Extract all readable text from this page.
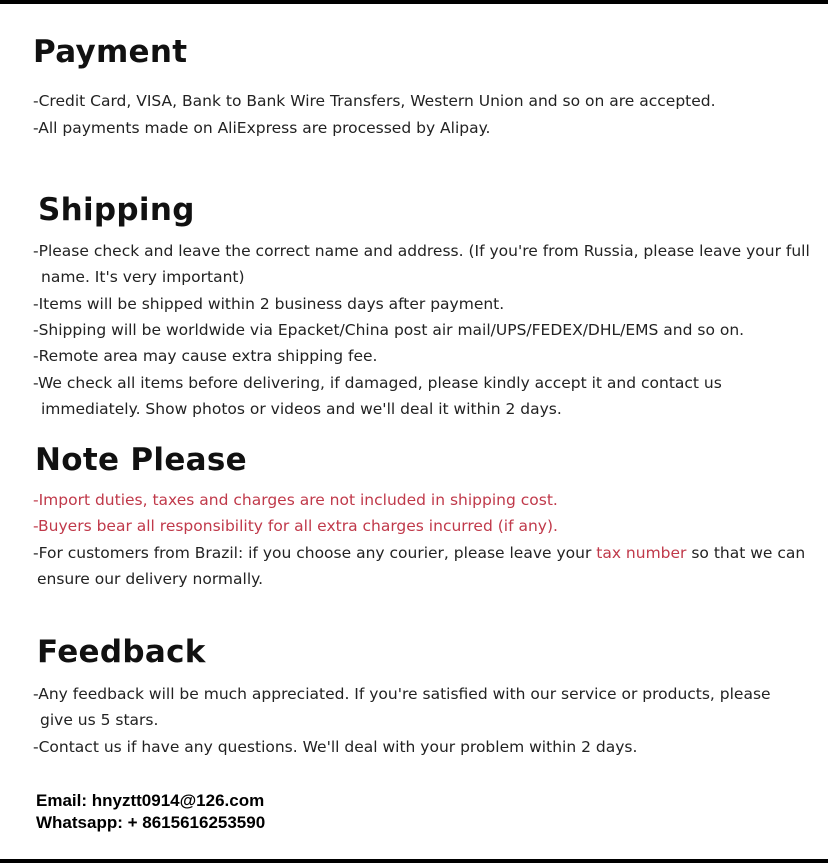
Payment

-Credit Card, VISA, Bank to Bank Wire Transfers, Western Union and so on are accepted.

-All payments made on AliExpress are processed by Alipay.

Shipping

-Please check and leave the correct name and address. (If you're from Russia, please leave your full

name. It's very important)

-Items will be shipped within 2 business days after payment.

-Shipping will be worldwide via Epacket/China post air mail/UPS/FEDEX/DHL/EMS and so on.

-Remote area may cause extra shipping fee.

-We check all items before delivering, if damaged, please kindly accept it and contact us

immediately. Show photos or videos and we'll deal it within 2 days.

Note Please

-Import duties, taxes and charges are not included in shipping cost.

-Buyers bear all responsibility for all extra charges incurred (if any).

-For customers from Brazil: if you choose any courier, please leave your tax number so that we can

ensure our delivery normally.

Feedback

-Any feedback will be much appreciated. If you're satisfied with our service or products, please

give us 5 stars.

-Contact us if have any questions. We'll deal with your problem within 2 days.

Email: hnyztt0914@126.com
Whatsapp: + 8615616253590
